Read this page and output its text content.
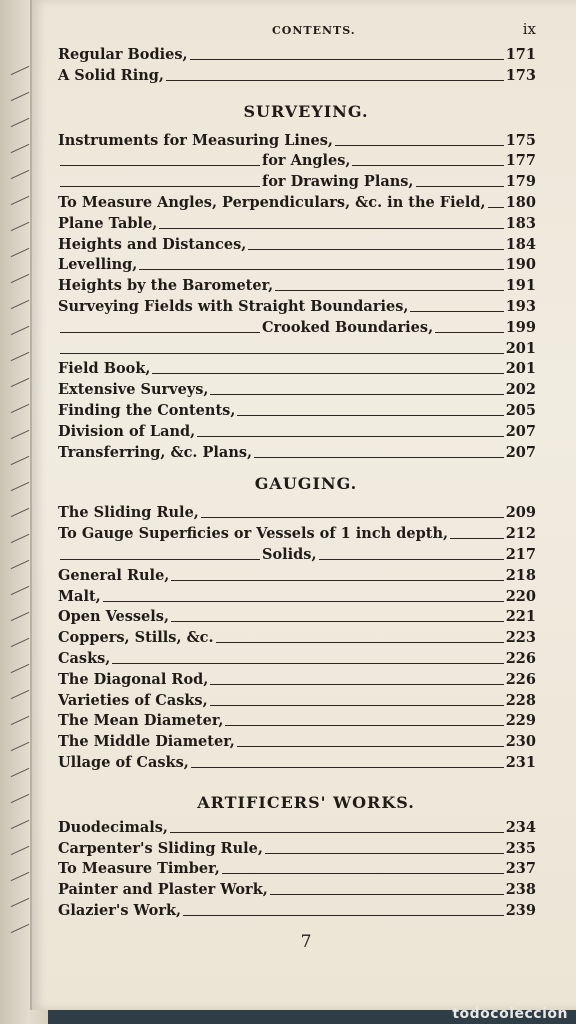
CONTENTS.	ix
7
Regular Bodies,	171
A Solid Ring,	173
SURVEYING.
Instruments for Measuring Lines,	175
for Angles,	177
for Drawing Plans,	179
To Measure Angles, Perpendiculars, &c. in the Field, 180
Plane Table,	183
Heights and Distances,	184
Levelling,	190
Heights by the Barometer,	191
Surveying Fields with Straight Boundaries,	193
Crooked Boundaries,	199
201
Field Book,	201
Extensive Surveys,	202
Finding the Contents,	205
Division of Land,	207
Transferring, &c. Plans,	207
GAUGING.
The Sliding Rule,	209
To Gauge Superficies or Vessels of 1 inch depth,	212
Solids,	217
General Rule,	218
Malt,	220
Open Vessels,	221
Coppers, Stills, &c.	223
Casks,	226
The Diagonal Rod,	226
Varieties of Casks,	228
The Mean Diameter,	229
The Middle Diameter,	230
Ullage of Casks,	231
ARTIFICERS' WORKS.
Duodecimals,	234
Carpenter's Sliding Rule,	235
To Measure Timber,	237
Painter and Plaster Work,	238
Glazier's Work,	239
todocoleccion
